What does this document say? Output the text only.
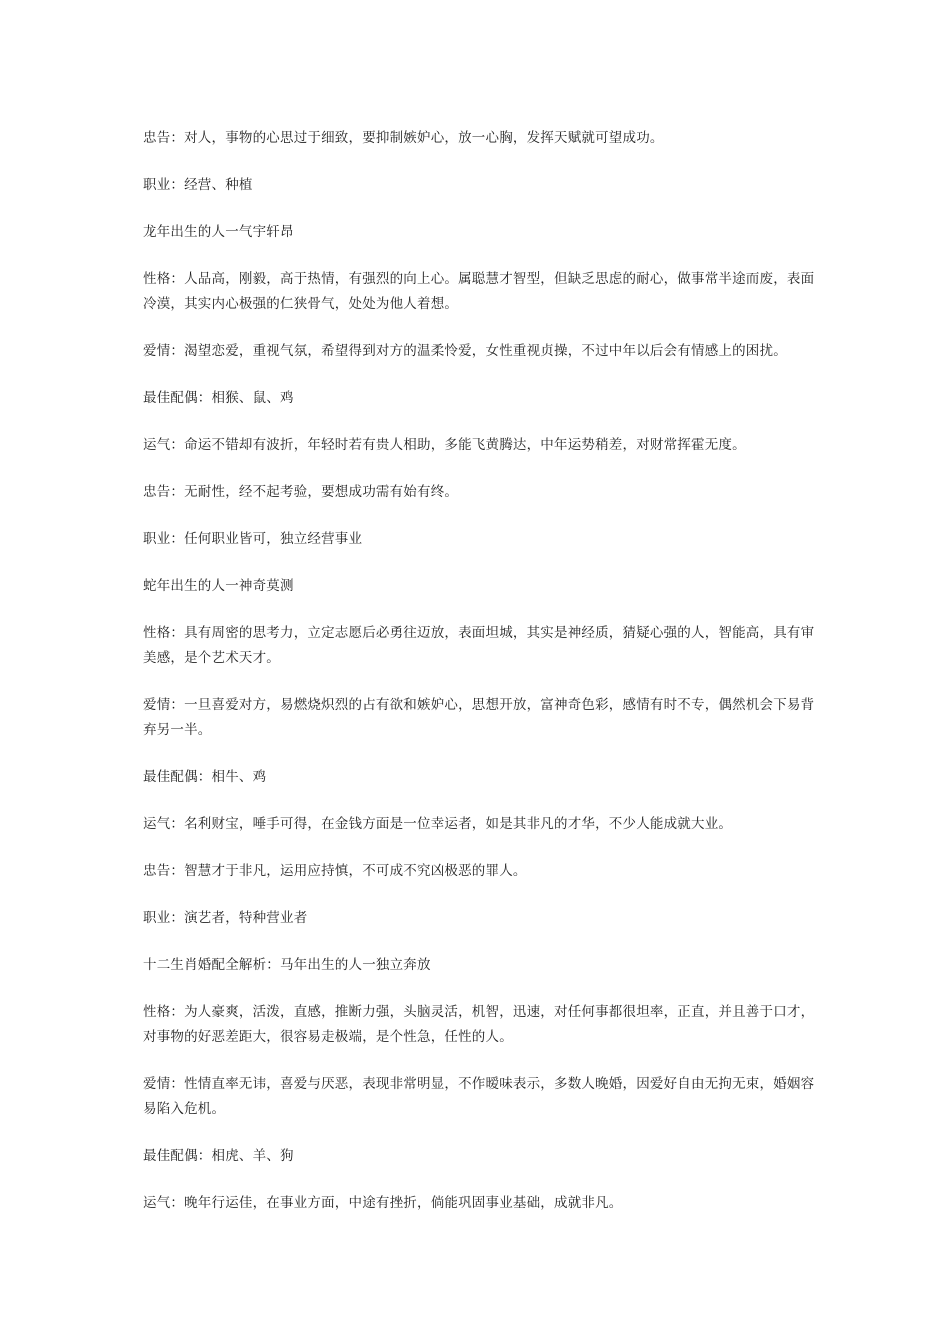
忠告：对人，事物的心思过于细致，要抑制嫉妒心，放一心胸，发挥天赋就可望成功。

职业：经营、种植

龙年出生的人一气宇轩昂

性格：人品高，刚毅，高于热情，有强烈的向上心。属聪慧才智型，但缺乏思虑的耐心，做事常半途而废，表面冷漠，其实内心极强的仁狭骨气，处处为他人着想。

爱情：渴望恋爱，重视气氛，希望得到对方的温柔怜爱，女性重视贞操，不过中年以后会有情感上的困扰。

最佳配偶：相猴、鼠、鸡

运气：命运不错却有波折，年轻时若有贵人相助，多能飞黄腾达，中年运势稍差，对财常挥霍无度。

忠告：无耐性，经不起考验，要想成功需有始有终。

职业：任何职业皆可，独立经营事业

蛇年出生的人一神奇莫测

性格：具有周密的思考力，立定志愿后必勇往迈放，表面坦城，其实是神经质，猜疑心强的人，智能高，具有审美感，是个艺术天才。

爱情：一旦喜爱对方，易燃烧炽烈的占有欲和嫉妒心，思想开放，富神奇色彩，感情有时不专，偶然机会下易背弃另一半。

最佳配偶：相牛、鸡

运气：名利财宝，唾手可得，在金钱方面是一位幸运者，如是其非凡的才华，不少人能成就大业。

忠告：智慧才于非凡，运用应持慎，不可成不究凶极恶的罪人。

职业：演艺者，特种营业者

十二生肖婚配全解析：马年出生的人一独立奔放

性格：为人豪爽，活泼，直感，推断力强，头脑灵活，机智，迅速，对任何事都很坦率，正直，并且善于口才，对事物的好恶差距大，很容易走极端，是个性急，任性的人。

爱情：性情直率无讳，喜爱与厌恶，表现非常明显，不作暧味表示，多数人晚婚，因爱好自由无拘无束，婚姻容易陷入危机。

最佳配偶：相虎、羊、狗

运气：晚年行运佳，在事业方面，中途有挫折，倘能巩固事业基础，成就非凡。
